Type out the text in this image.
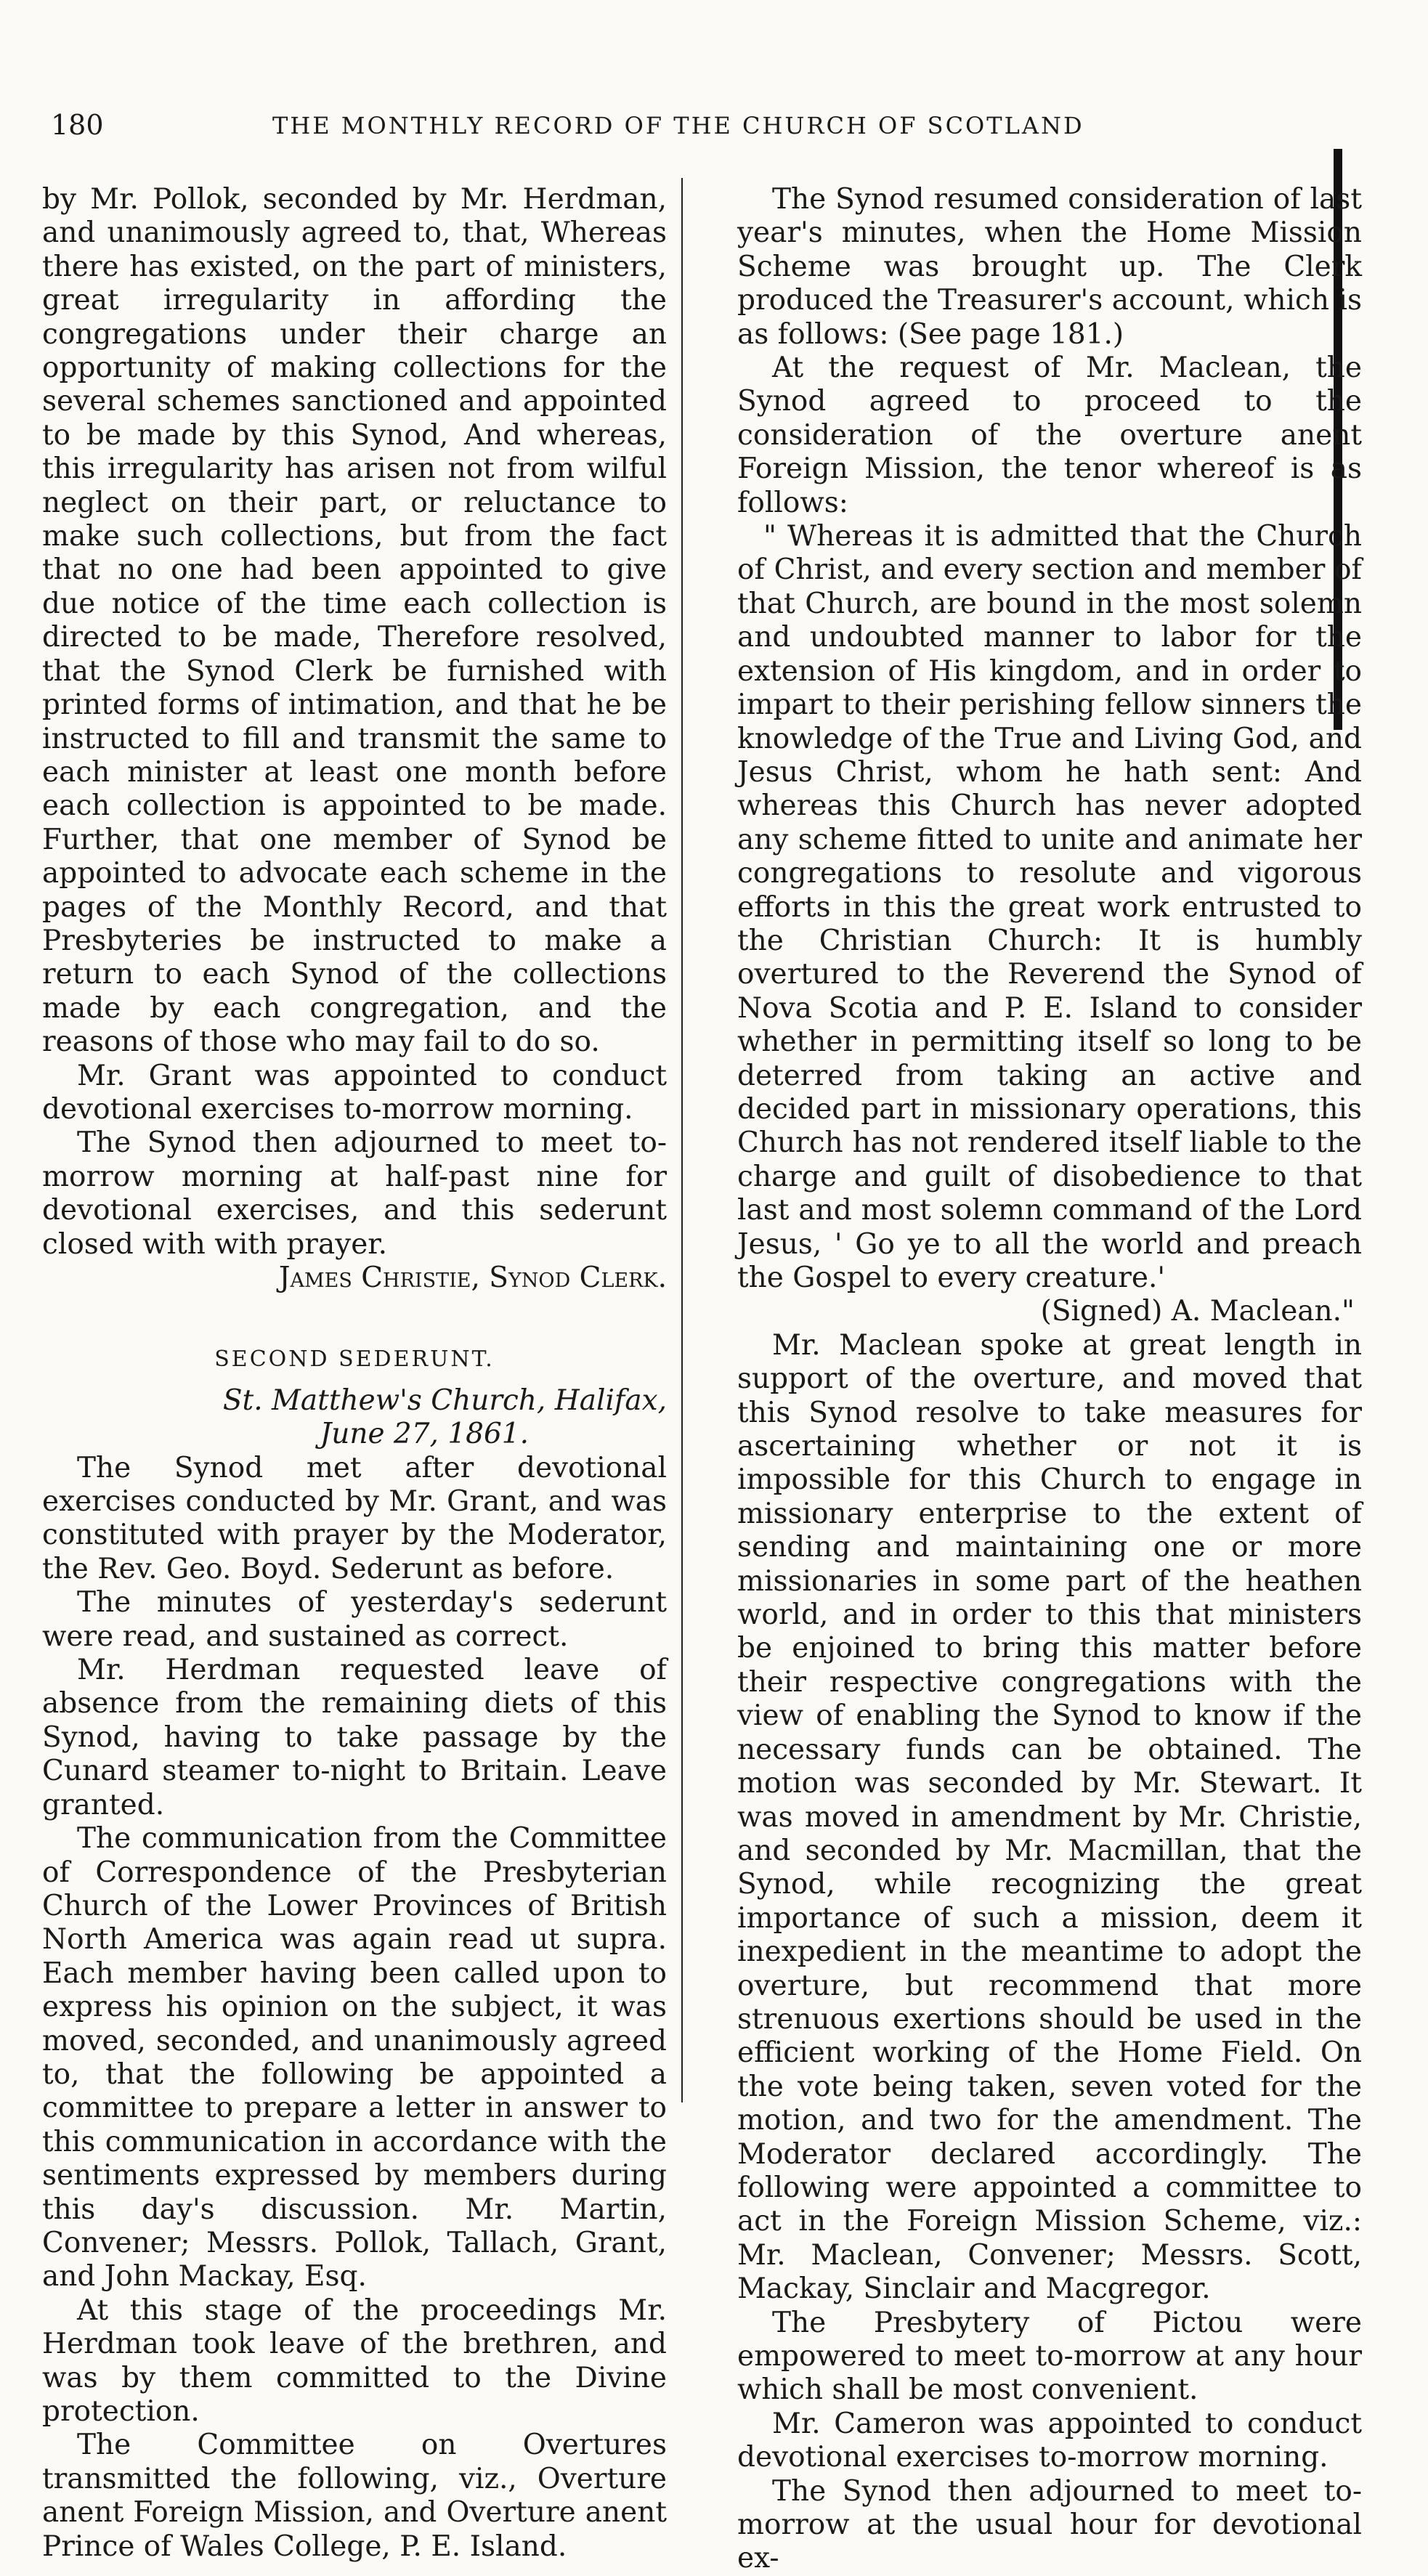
180	THE MONTHLY RECORD OF THE CHURCH OF SCOTLAND

by Mr. Pollok, seconded by Mr. Herdman, and unanimously agreed to, that, Whereas there has existed, on the part of ministers, great irregularity in affording the congregations under their charge an opportunity of making collections for the several schemes sanctioned and appointed to be made by this Synod, And whereas, this irregularity has arisen not from wilful neglect on their part, or reluctance to make such collections, but from the fact that no one had been appointed to give due notice of the time each collection is directed to be made, Therefore resolved, that the Synod Clerk be furnished with printed forms of intimation, and that he be instructed to fill and transmit the same to each minister at least one month before each collection is appointed to be made. Further, that one member of Synod be appointed to advocate each scheme in the pages of the Monthly Record, and that Presbyteries be instructed to make a return to each Synod of the collections made by each congregation, and the reasons of those who may fail to do so.

Mr. Grant was appointed to conduct devotional exercises to-morrow morning.

The Synod then adjourned to meet to-morrow morning at half-past nine for devotional exercises, and this sederunt closed with with prayer.

James Christie, Synod Clerk.

SECOND SEDERUNT.

St. Matthew's Church, Halifax,

June 27, 1861.

The Synod met after devotional exercises conducted by Mr. Grant, and was constituted with prayer by the Moderator, the Rev. Geo. Boyd. Sederunt as before.

The minutes of yesterday's sederunt were read, and sustained as correct.

Mr. Herdman requested leave of absence from the remaining diets of this Synod, having to take passage by the Cunard steamer to-night to Britain. Leave granted.

The communication from the Committee of Correspondence of the Presbyterian Church of the Lower Provinces of British North America was again read ut supra. Each member having been called upon to express his opinion on the subject, it was moved, seconded, and unanimously agreed to, that the following be appointed a committee to prepare a letter in answer to this communication in accordance with the sentiments expressed by members during this day's discussion. Mr. Martin, Convener; Messrs. Pollok, Tallach, Grant, and John Mackay, Esq.

At this stage of the proceedings Mr. Herdman took leave of the brethren, and was by them committed to the Divine protection.

The Committee on Overtures transmitted the following, viz., Overture anent Foreign Mission, and Overture anent Prince of Wales College, P. E. Island.

The Synod resumed consideration of last year's minutes, when the Home Mission Scheme was brought up. The Clerk produced the Treasurer's account, which is as follows: (See page 181.)

At the request of Mr. Maclean, the Synod agreed to proceed to the consideration of the overture anent Foreign Mission, the tenor whereof is as follows:

" Whereas it is admitted that the Church of Christ, and every section and member of that Church, are bound in the most solemn and undoubted manner to labor for the extension of His kingdom, and in order to impart to their perishing fellow sinners the knowledge of the True and Living God, and Jesus Christ, whom he hath sent: And whereas this Church has never adopted any scheme fitted to unite and animate her congregations to resolute and vigorous efforts in this the great work entrusted to the Christian Church: It is humbly overtured to the Reverend the Synod of Nova Scotia and P. E. Island to consider whether in permitting itself so long to be deterred from taking an active and decided part in missionary operations, this Church has not rendered itself liable to the charge and guilt of disobedience to that last and most solemn command of the Lord Jesus, ' Go ye to all the world and preach the Gospel to every creature.'

(Signed) A. Maclean."

Mr. Maclean spoke at great length in support of the overture, and moved that this Synod resolve to take measures for ascertaining whether or not it is impossible for this Church to engage in missionary enterprise to the extent of sending and maintaining one or more missionaries in some part of the heathen world, and in order to this that ministers be enjoined to bring this matter before their respective congregations with the view of enabling the Synod to know if the necessary funds can be obtained. The motion was seconded by Mr. Stewart. It was moved in amendment by Mr. Christie, and seconded by Mr. Macmillan, that the Synod, while recognizing the great importance of such a mission, deem it inexpedient in the meantime to adopt the overture, but recommend that more strenuous exertions should be used in the efficient working of the Home Field. On the vote being taken, seven voted for the motion, and two for the amendment. The Moderator declared accordingly. The following were appointed a committee to act in the Foreign Mission Scheme, viz.: Mr. Maclean, Convener; Messrs. Scott, Mackay, Sinclair and Macgregor.

The Presbytery of Pictou were empowered to meet to-morrow at any hour which shall be most convenient.

Mr. Cameron was appointed to conduct devotional exercises to-morrow morning.

The Synod then adjourned to meet to-morrow at the usual hour for devotional ex-
